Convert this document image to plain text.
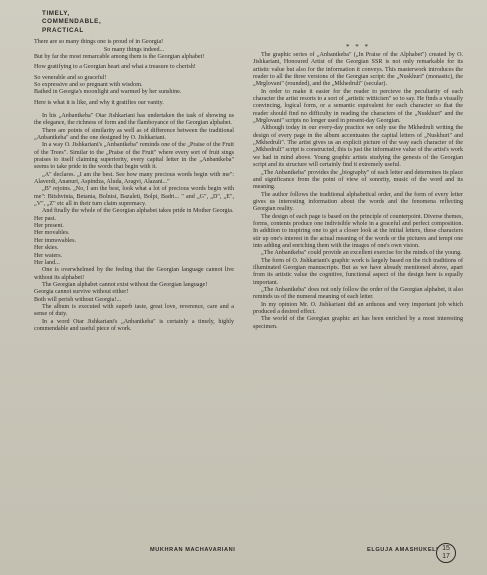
TIMELY,
COMMENDABLE,
PRACTICAL

There are so many things one is proud of in Georgia!

So many things indeed...

But by far the most remarcable among them is the Georgian alphabet!

How gratifying to a Georgian heart and what a treasure to cherish!

So venerable and so graceful!

So expressive and so pregnant with wisdom.

Bathed in Georgia's moonlight and warmed by her sunshine.

Here is what it is like, and why it gratifies our vanity.

In his „Anbantkeba" Otar Jishkariani has undertaken the task of showing us the elegance, the richness of form and the flamboyance of the Georgian alphabet.

There are points of similarity as well as of difference between the traditional „Anbantkeba" and the one designed by O. Jishkariani.

In a way O. Jishkariani's „Anbantkeba" reminds one of the „Praise of the Fruit of the Trees". Similar to the „Praise of the Fruit" where every sort of fruit sings praises to itself claiming superiority, every capital letter in the „Anbantkeba" seems to take pride in the words that begin with it.

„A" declares. „I am the best. See how many precious words begin with me": Alaverdi, Ananuri, Aspindza, Aluda, Aragvi, Alazani..."

„B" rejoins. „No, I am the best, look what a lot of precious words begin with me": Bitshvinta, Betania, Bolnisi, Bazaleti, Bolpi, Badri... " and „G", „D", „E", „V", „Z" etc all in their turn claim supremacy.

And finally the whole of the Georgian alphabet takes pride in Mother Georgia.

Her past.

Her present.

Her movables.

Her immovables.

Her skies.

Her waters.

Her land...

One is overwhelmed by the feeling that the Georgian language cannot live without its alphabet!

The Georgian alphabet cannot exist without the Georgian language!

Georgia cannot survive without either!

Both will perish without Georgia!...

The album is executed with superb taste, great love, reverence, care and a sense of duty.

In a word Otar Jishkariani's „Anbantkeba" is certainly a timely, highly commendable and useful piece of work.

* * *

The graphic series of „Anbantkeba" („In Praise of the Alphabet") created by O. Jishkariani, Honoured Artist of the Georgian SSR is not only remarkable for its artistic value but also for the information it conveys. This masterwork introduces the reader to all the three versions of the Georgian script: the „Nuskhuri" (monastic), the „Mrglovani" (rounded), and the „Mkhedruli" (secular).

In order to make it easier for the reader to percieve the peculiarity of each character the artist resorts to a sort of „artistic witticism" so to say. He finds a visually convincing, logical form, or a semantic equivalent for each character so that the reader should find no difficulty in reading the characters of the „Nuskhuri" and the „Mrglovani" scripts no longer used in present-day Georgian.

Although today in our every-day practice we only use the Mkhedruli writing the design of every page in the album accentuates the capital letters of „Nuskhuri" and „Mkhedruli". The artist gives us an explicit picture of the way each character of the „Mkhedruli" script is constructed, this is just the informative value of the artist's work we had in mind above. Young graphic artists studying the genesis of the Georgian script and its structure will certainly find it extremely useful.

„The Anbantkeba" provides the „biography" of each letter and determines its place and significance from the point of view of sonority, music of the word and its meaning.

The author follows the traditional alphabetical order, and the form of every letter gives us interesting information about the words and the fenomena reflecting Georgian reality.

The design of each page is based on the principle of counterpoint. Diverse themes, forms, contents produce one indivisible whole in a graceful and perfect composition. In addition to inspiring one to get a closer look at the initial letters, these characters stir up one's interest in the actual meaning of the words or the pictures and tempt one into adding and enriching them with the images of one's own vision.

„The Anbantkeba" could provide an excellent exercise for the minds of the young.

The form of O. Jishkariani's graphic work is largely based on the rich traditions of illuminated Georgian manuscripts. But as we have already mentioned above, apart from its artistic value the cognitive, functional aspect of the design here is equally important.

„The Anbantkeba" does not only follow the order of the Georgian alphabet, it also reminds us of the numeral meaning of each letter.

In my opinion Mr. O. Jishkariani did an arduous and very important job which produced a desired effect.

The world of the Georgian graphic art has been enriched by a most interesting specimen.

MUKHRAN MACHAVARIANI	ELGUJA AMASHUKELI 15
17
